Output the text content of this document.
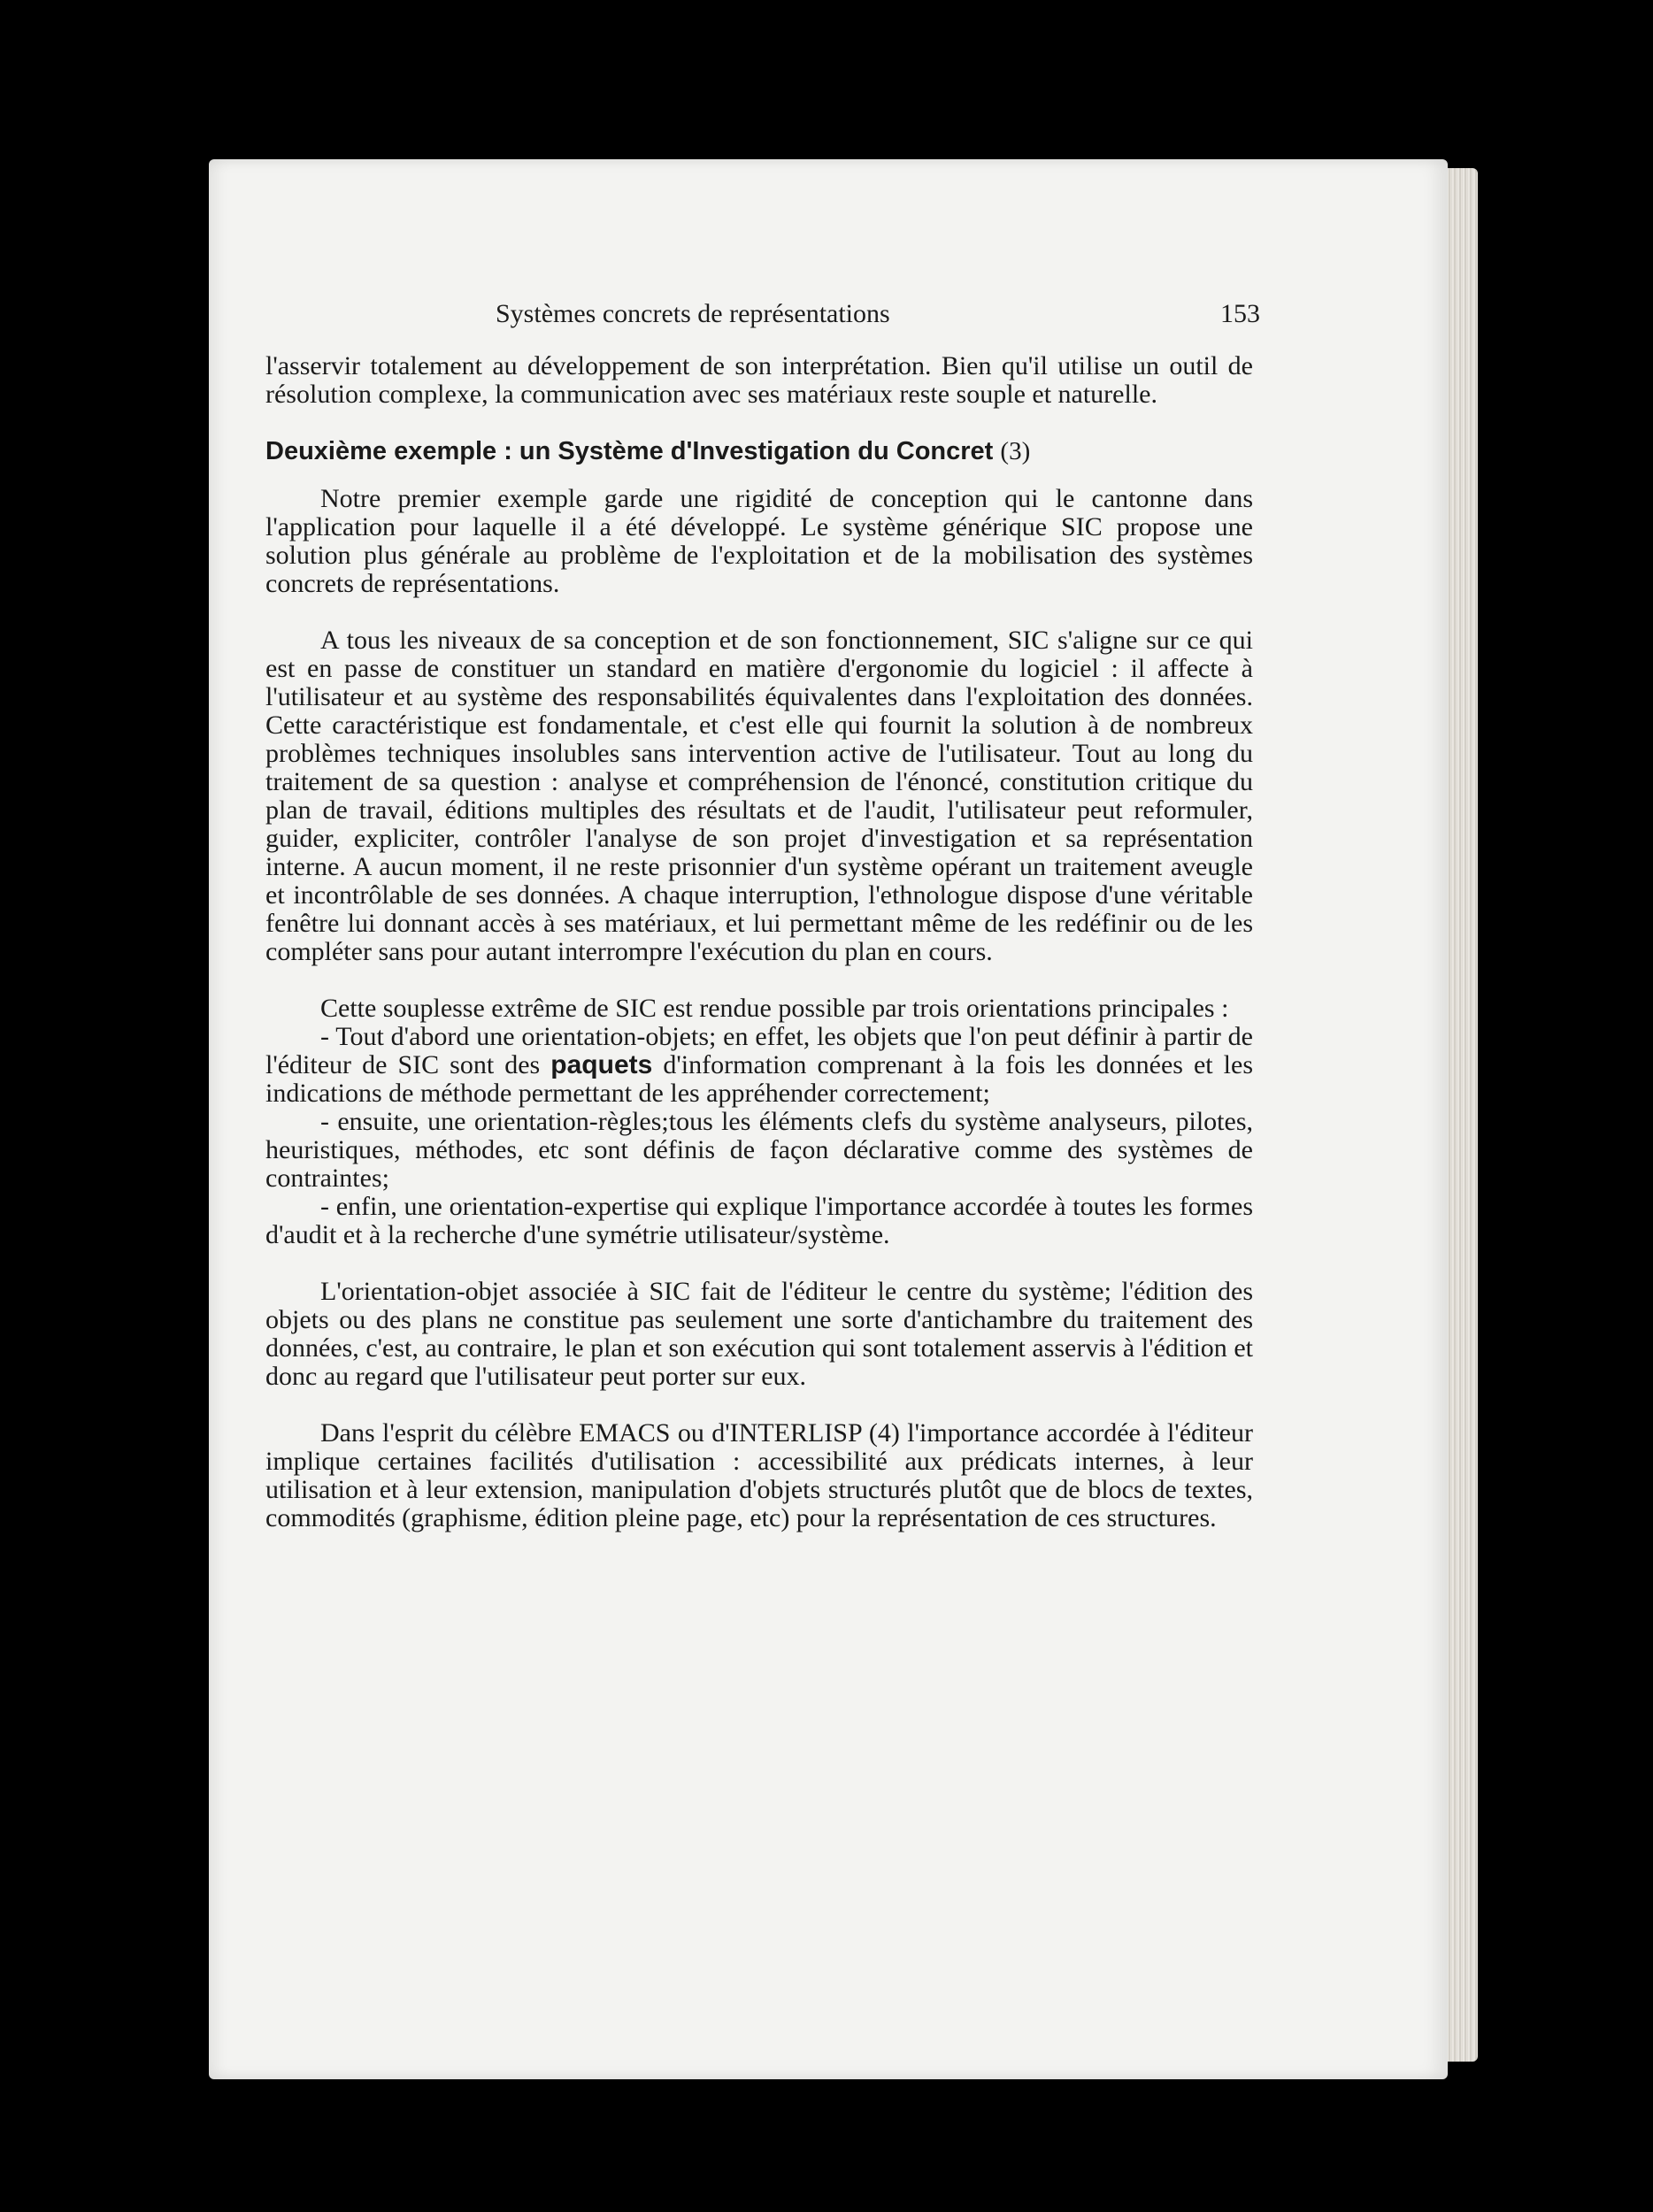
Systèmes concrets de représentations	153

l'asservir totalement au développement de son interprétation. Bien qu'il utilise un outil de résolution complexe, la communication avec ses matériaux reste souple et naturelle.

Deuxième exemple : un Système d'Investigation du Concret (3)

Notre premier exemple garde une rigidité de conception qui le cantonne dans l'application pour laquelle il a été développé. Le système générique SIC propose une solution plus générale au problème de l'exploitation et de la mobilisation des systèmes concrets de représentations.

A tous les niveaux de sa conception et de son fonctionnement, SIC s'aligne sur ce qui est en passe de constituer un standard en matière d'ergonomie du logiciel : il affecte à l'utilisateur et au système des responsabilités équivalentes dans l'exploitation des données. Cette caractéristique est fondamentale, et c'est elle qui fournit la solution à de nombreux problèmes techniques insolubles sans intervention active de l'utilisateur. Tout au long du traitement de sa question : analyse et compréhension de l'énoncé, constitution critique du plan de travail, éditions multiples des résultats et de l'audit, l'utilisateur peut reformuler, guider, expliciter, contrôler l'analyse de son projet d'investigation et sa représentation interne. A aucun moment, il ne reste prisonnier d'un système opérant un traitement aveugle et incontrôlable de ses données. A chaque interruption, l'ethnologue dispose d'une véritable fenêtre lui donnant accès à ses matériaux, et lui permettant même de les redéfinir ou de les compléter sans pour autant interrompre l'exécution du plan en cours.

Cette souplesse extrême de SIC est rendue possible par trois orientations principales :

- Tout d'abord une orientation-objets; en effet, les objets que l'on peut définir à partir de l'éditeur de SIC sont des paquets d'information comprenant à la fois les données et les indications de méthode permettant de les appréhender correctement;

- ensuite, une orientation-règles;tous les éléments clefs du système analyseurs, pilotes, heuristiques, méthodes, etc sont définis de façon déclarative comme des systèmes de contraintes;

- enfin, une orientation-expertise qui explique l'importance accordée à toutes les formes d'audit et à la recherche d'une symétrie utilisateur/système.

L'orientation-objet associée à SIC fait de l'éditeur le centre du système; l'édition des objets ou des plans ne constitue pas seulement une sorte d'antichambre du traitement des données, c'est, au contraire, le plan et son exécution qui sont totalement asservis à l'édition et donc au regard que l'utilisateur peut porter sur eux.

Dans l'esprit du célèbre EMACS ou d'INTERLISP (4) l'importance accordée à l'éditeur implique certaines facilités d'utilisation : accessibilité aux prédicats internes, à leur utilisation et à leur extension, manipulation d'objets structurés plutôt que de blocs de textes, commodités (graphisme, édition pleine page, etc) pour la représentation de ces structures.
